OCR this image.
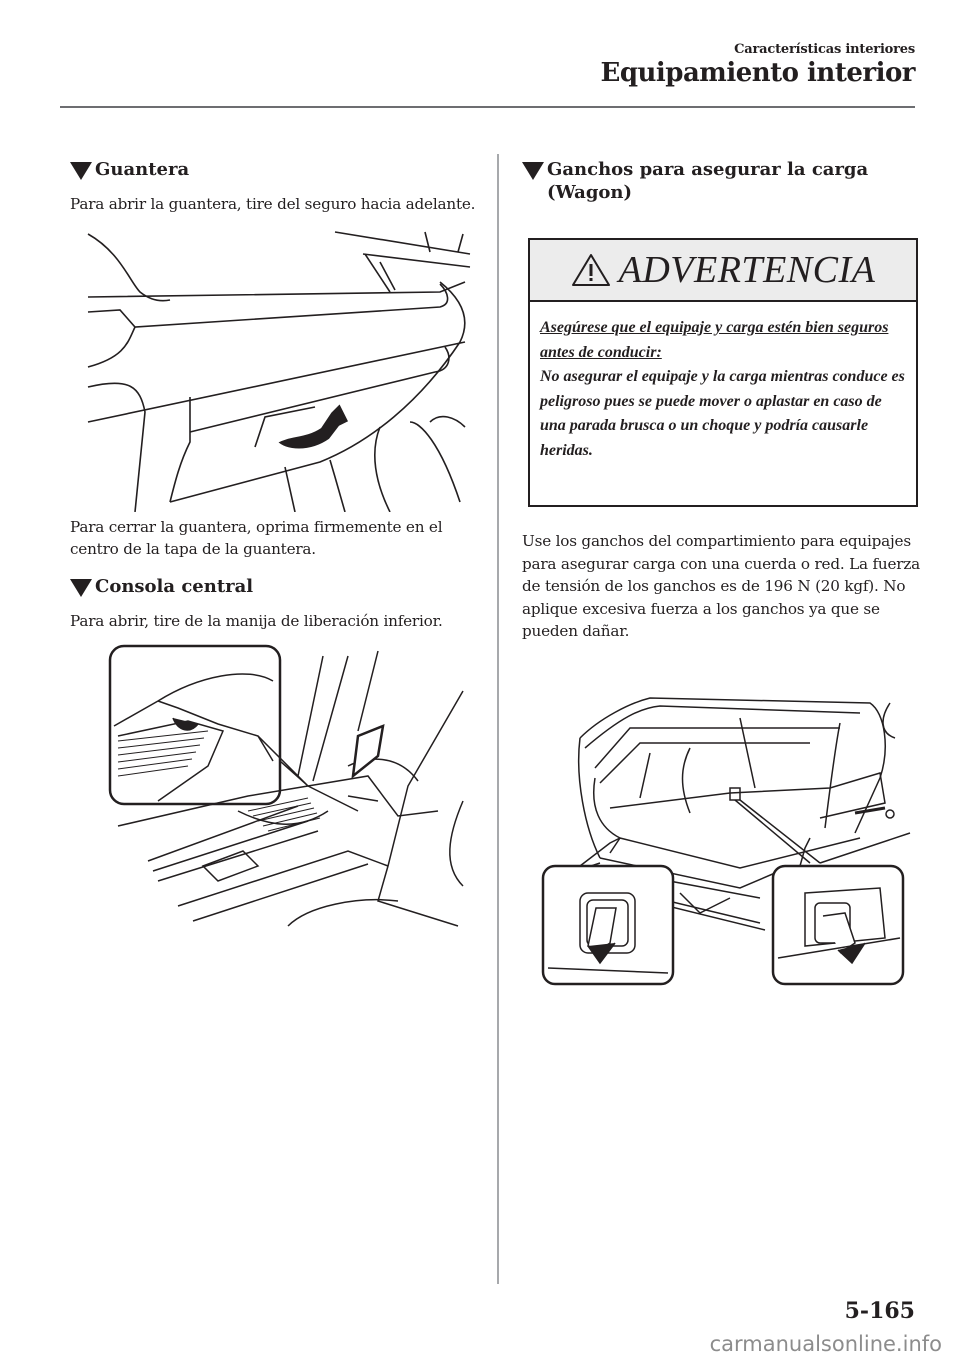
Características interiores
Equipamiento interior
Guantera

Para abrir la guantera, tire del seguro hacia adelante.

Para cerrar la guantera, oprima firmemente en el centro de la tapa de la guantera.

Consola central

Para abrir, tire de la manija de liberación inferior.

Ganchos para asegurar la carga (Wagon)
ADVERTENCIA
Asegúrese que el equipaje y carga estén bien seguros antes de conducir:
No asegurar el equipaje y la carga mientras conduce es peligroso pues se puede mover o aplastar en caso de una parada brusca o un choque y podría causarle heridas.

Use los ganchos del compartimiento para equipajes para asegurar carga con una cuerda o red. La fuerza de tensión de los ganchos es de 196 N (20 kgf). No aplique excesiva fuerza a los ganchos ya que se pueden dañar.

5-165
carmanualsonline.info
